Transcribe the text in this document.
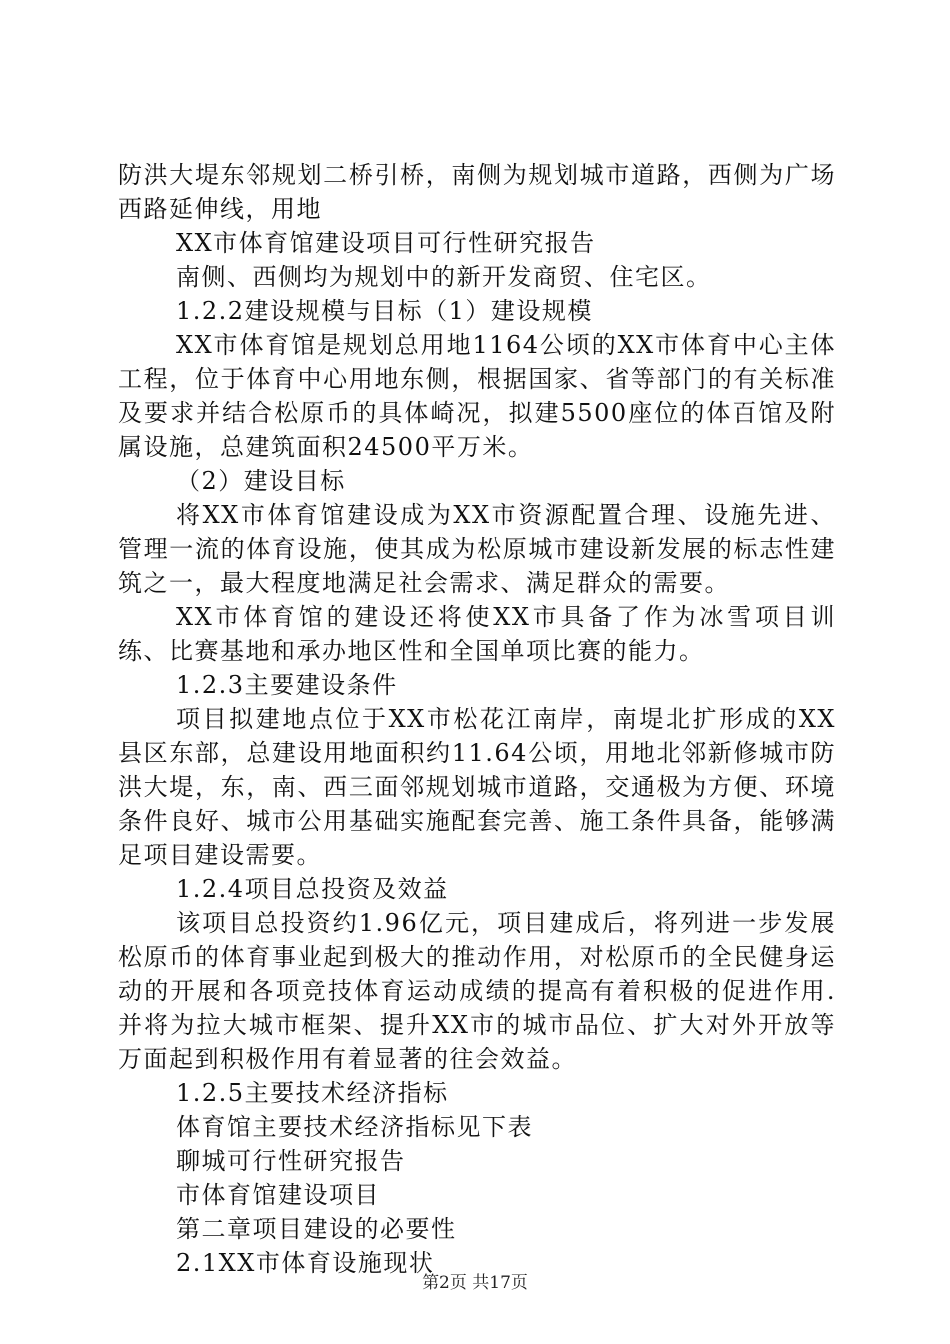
防洪大堤东邻规划二桥引桥，南侧为规划城市道路，西侧为广场西路延伸线，用地

XX市体育馆建设项目可行性研究报告

南侧、西侧均为规划中的新开发商贸、住宅区。

1.2.2建设规模与目标（1）建设规模

XX市体育馆是规划总用地1164公顷的XX市体育中心主体工程，位于体育中心用地东侧，根据国家、省等部门的有关标准及要求并结合松原币的具体崎况，拟建5500座位的体百馆及附属设施，总建筑面积24500平万米。

（2）建设目标

将XX市体育馆建设成为XX市资源配置合理、设施先进、管理一流的体育设施，使其成为松原城市建设新发展的标志性建筑之一，最大程度地满足社会需求、满足群众的需要。

XX市体育馆的建设还将使XX市具备了作为冰雪项目训练、比赛基地和承办地区性和全国单项比赛的能力。

1.2.3主要建设条件

项目拟建地点位于XX市松花江南岸，南堤北扩形成的XX县区东部，总建设用地面积约11.64公顷，用地北邻新修城市防洪大堤，东，南、西三面邻规划城市道路，交通极为方便、环境条件良好、城市公用基础实施配套完善、施工条件具备，能够满足项目建设需要。

1.2.4项目总投资及效益

该项目总投资约1.96亿元，项目建成后，将列进一步发展松原币的体育事业起到极大的推动作用，对松原币的全民健身运动的开展和各项竞技体育运动成绩的提高有着积极的促进作用.并将为拉大城市框架、提升XX市的城市品位、扩大对外开放等万面起到积极作用有着显著的往会效益。

1.2.5主要技术经济指标

体育馆主要技术经济指标见下表

聊城可行性研究报告

市体育馆建设项目

第二章项目建设的必要性

2.1XX市体育设施现状

第2页 共17页
